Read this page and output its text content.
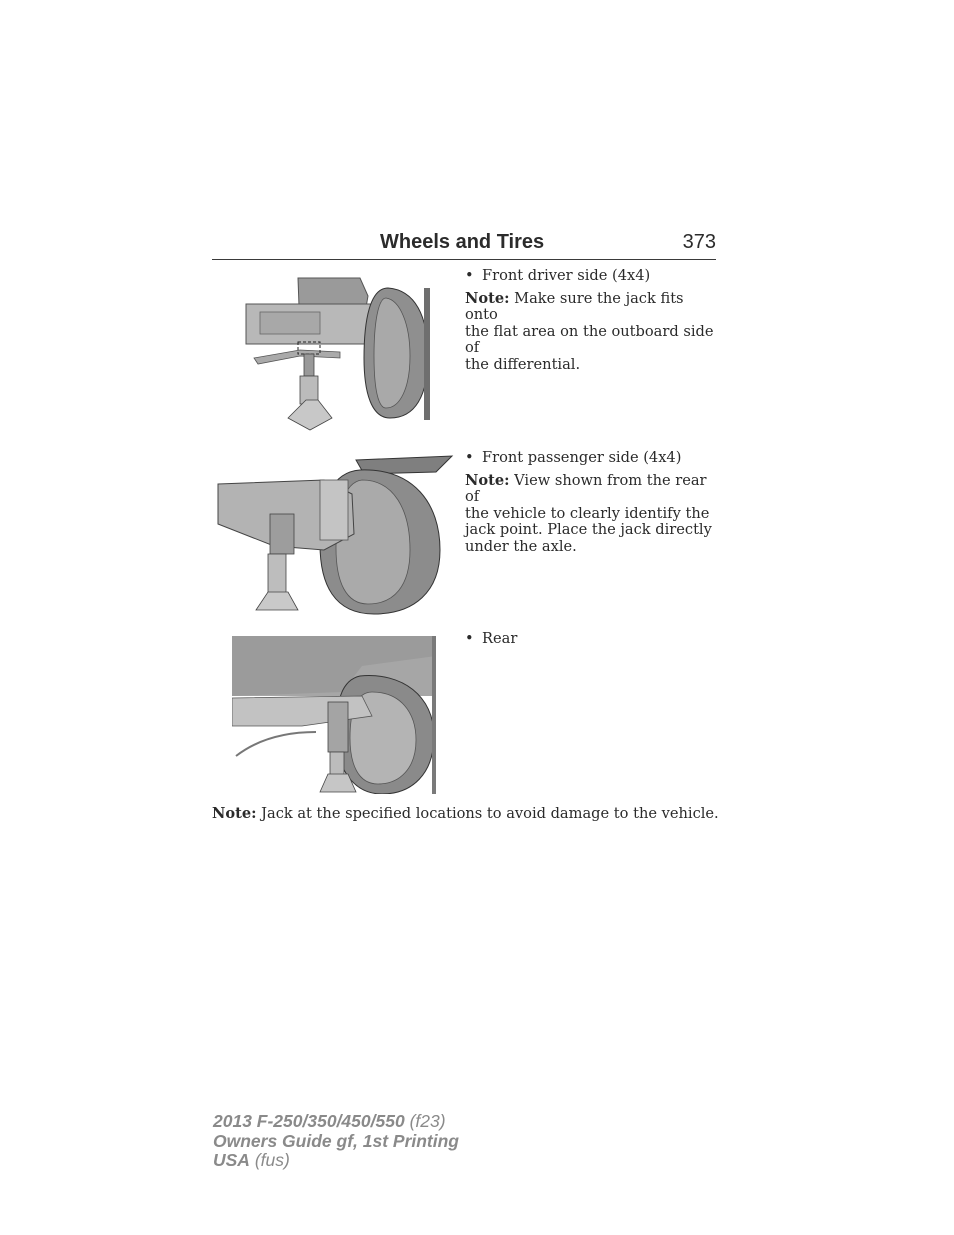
Wheels and Tires	373

• Front driver side (4x4)

Note: Make sure the jack fits onto
the flat area on the outboard side of
the differential.

• Front passenger side (4x4)

Note: View shown from the rear of
the vehicle to clearly identify the
jack point. Place the jack directly
under the axle.

• Rear

Note: Jack at the specified locations to avoid damage to the vehicle.
2013 F-250/350/450/550 (f23)
Owners Guide gf, 1st Printing
USA (fus)
